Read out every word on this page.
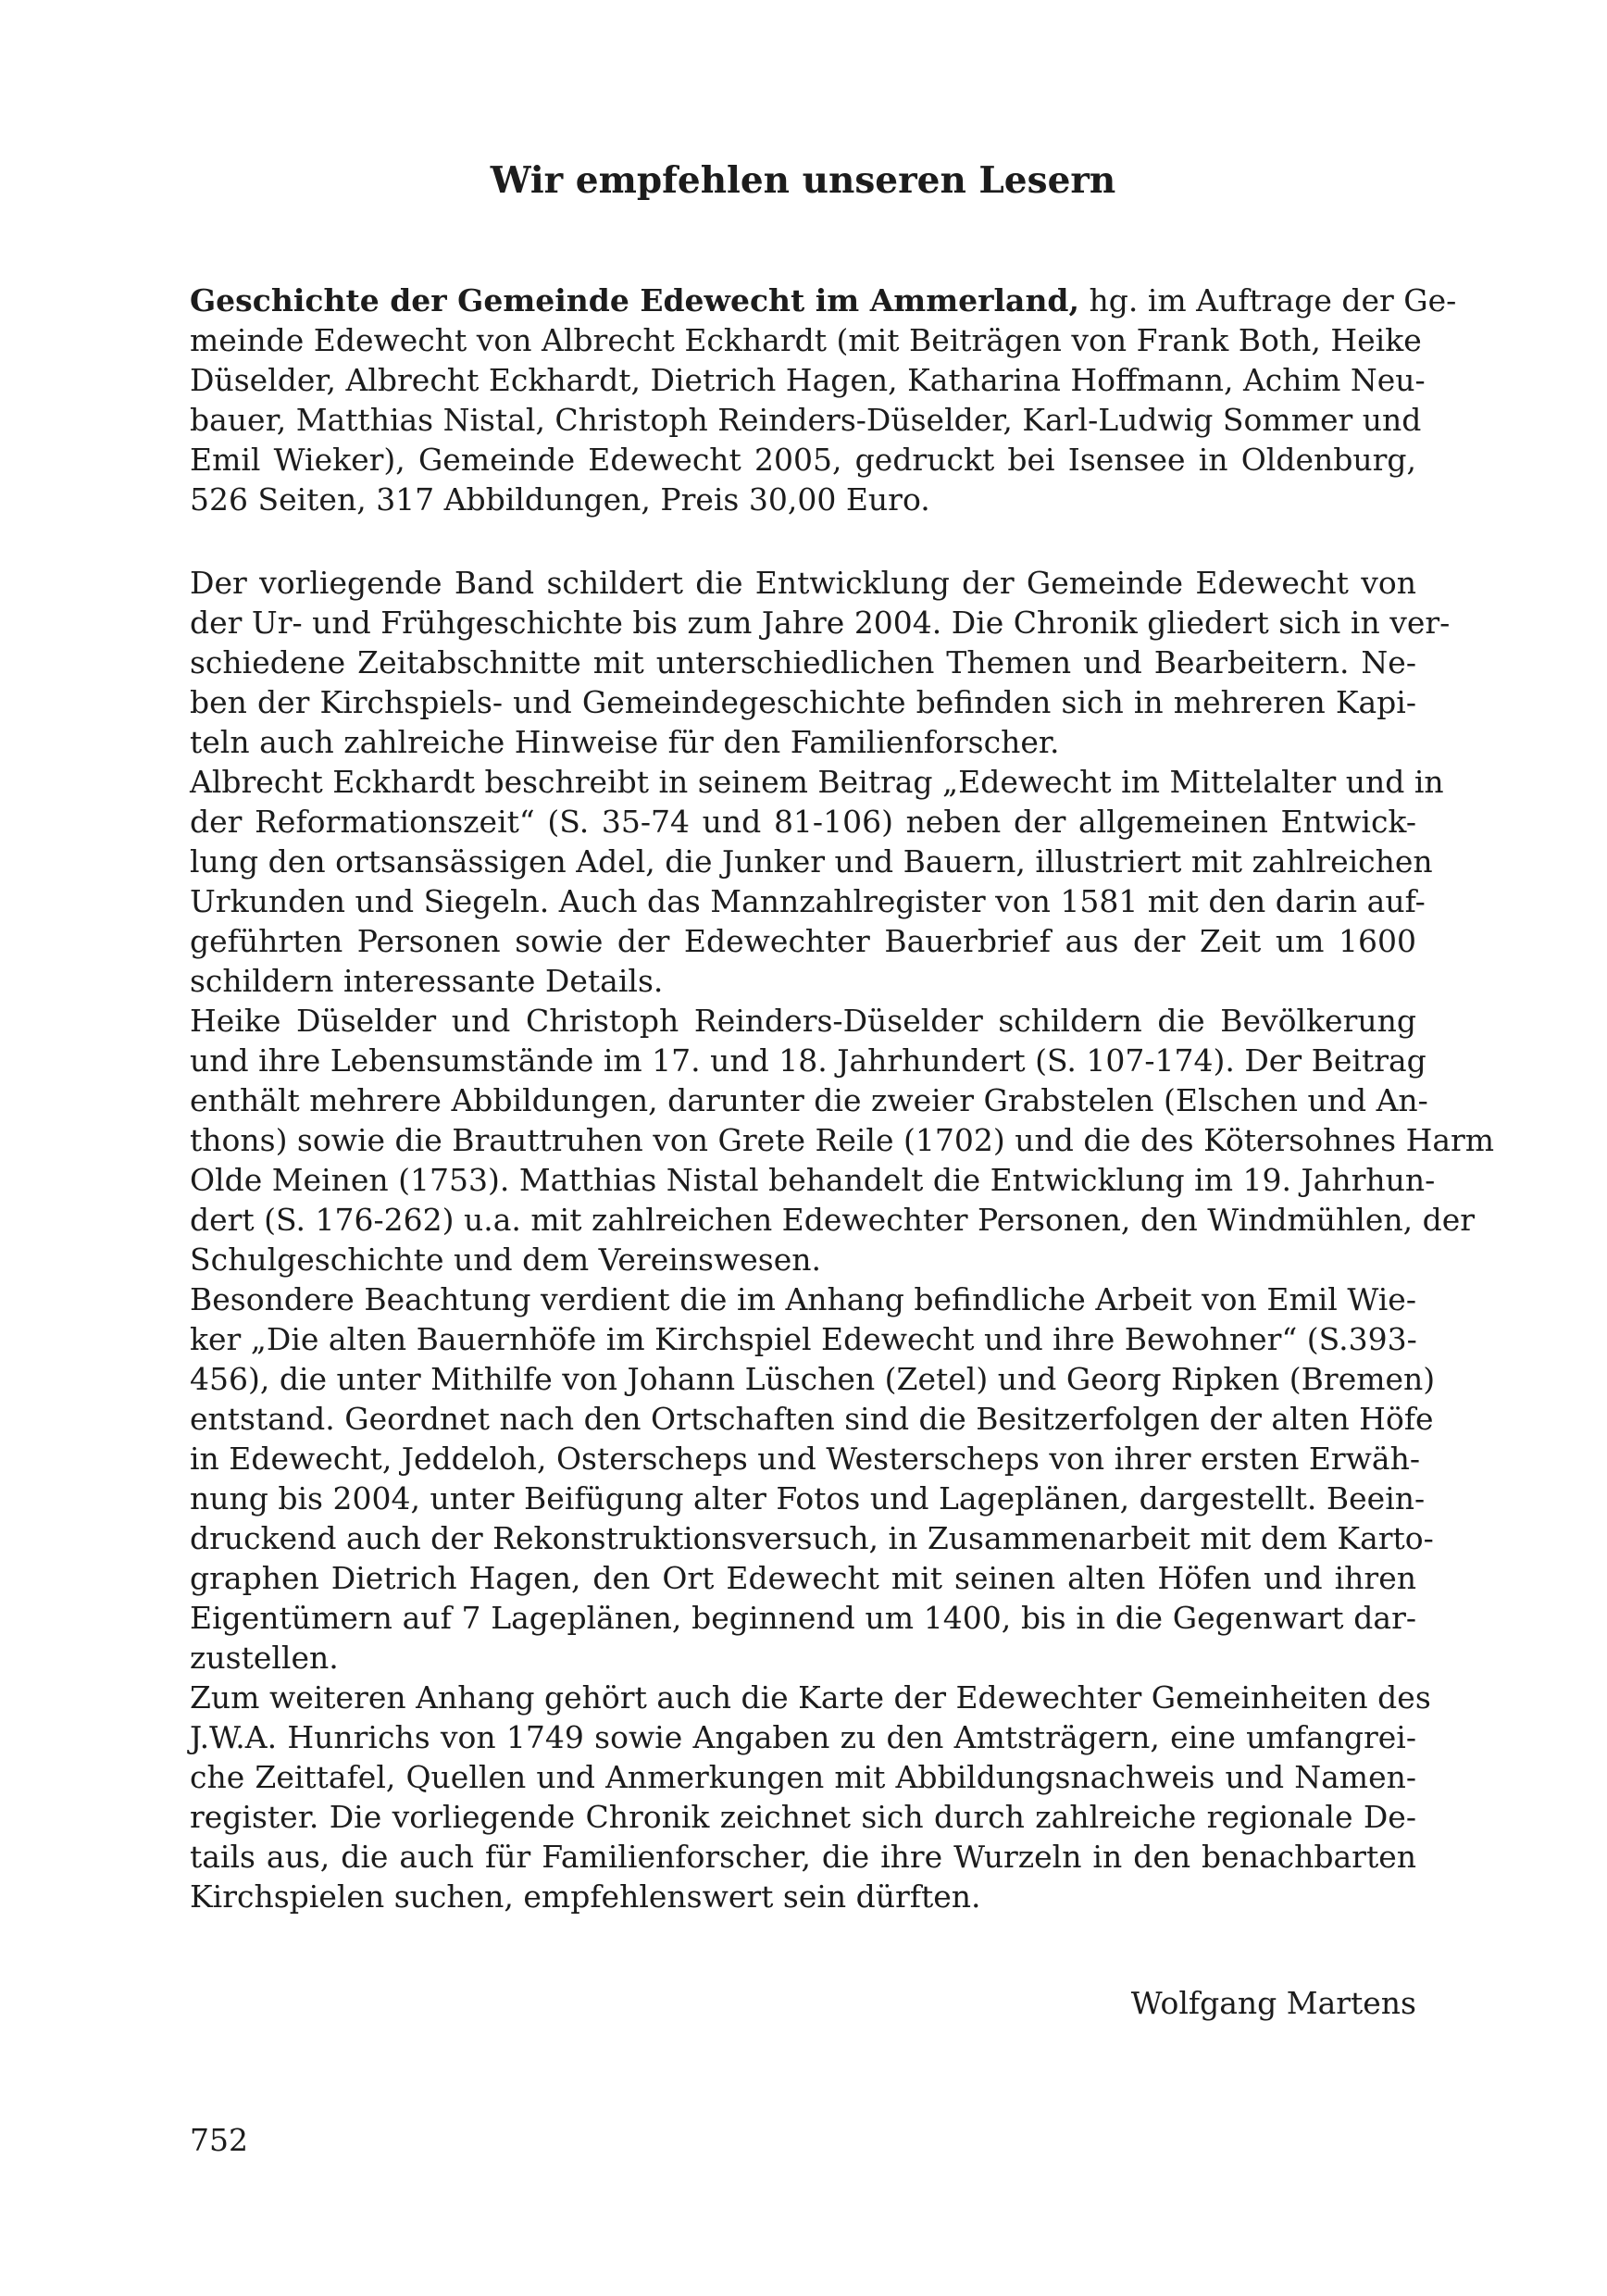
Wir empfehlen unseren Lesern
Geschichte der Gemeinde Edewecht im Ammerland, hg. im Auftrage der Ge-
meinde Edewecht von Albrecht Eckhardt (mit Beiträgen von Frank Both, Heike
Düselder, Albrecht Eckhardt, Dietrich Hagen, Katharina Hoffmann, Achim Neu-
bauer, Matthias Nistal, Christoph Reinders-Düselder, Karl-Ludwig Sommer und
Emil Wieker), Gemeinde Edewecht 2005, gedruckt bei Isensee in Oldenburg,
526 Seiten, 317 Abbildungen, Preis 30,00 Euro.
Der vorliegende Band schildert die Entwicklung der Gemeinde Edewecht von
der Ur- und Frühgeschichte bis zum Jahre 2004. Die Chronik gliedert sich in ver-
schiedene Zeitabschnitte mit unterschiedlichen Themen und Bearbeitern. Ne-
ben der Kirchspiels- und Gemeindegeschichte befinden sich in mehreren Kapi-
teln auch zahlreiche Hinweise für den Familienforscher.
Albrecht Eckhardt beschreibt in seinem Beitrag „Edewecht im Mittelalter und in
der Reformationszeit“ (S. 35-74 und 81-106) neben der allgemeinen Entwick-
lung den ortsansässigen Adel, die Junker und Bauern, illustriert mit zahlreichen
Urkunden und Siegeln. Auch das Mannzahlregister von 1581 mit den darin auf-
geführten Personen sowie der Edewechter Bauerbrief aus der Zeit um 1600
schildern interessante Details.
Heike Düselder und Christoph Reinders-Düselder schildern die Bevölkerung
und ihre Lebensumstände im 17. und 18. Jahrhundert (S. 107-174). Der Beitrag
enthält mehrere Abbildungen, darunter die zweier Grabstelen (Elschen und An-
thons) sowie die Brauttruhen von Grete Reile (1702) und die des Kötersohnes Harm
Olde Meinen (1753). Matthias Nistal behandelt die Entwicklung im 19. Jahrhun-
dert (S. 176-262) u.a. mit zahlreichen Edewechter Personen, den Windmühlen, der
Schulgeschichte und dem Vereinswesen.
Besondere Beachtung verdient die im Anhang befindliche Arbeit von Emil Wie-
ker „Die alten Bauernhöfe im Kirchspiel Edewecht und ihre Bewohner“ (S.393-
456), die unter Mithilfe von Johann Lüschen (Zetel) und Georg Ripken (Bremen)
entstand. Geordnet nach den Ortschaften sind die Besitzerfolgen der alten Höfe
in Edewecht, Jeddeloh, Osterscheps und Westerscheps von ihrer ersten Erwäh-
nung bis 2004, unter Beifügung alter Fotos und Lageplänen, dargestellt. Beein-
druckend auch der Rekonstruktionsversuch, in Zusammenarbeit mit dem Karto-
graphen Dietrich Hagen, den Ort Edewecht mit seinen alten Höfen und ihren
Eigentümern auf 7 Lageplänen, beginnend um 1400, bis in die Gegenwart dar-
zustellen.
Zum weiteren Anhang gehört auch die Karte der Edewechter Gemeinheiten des
J.W.A. Hunrichs von 1749 sowie Angaben zu den Amtsträgern, eine umfangrei-
che Zeittafel, Quellen und Anmerkungen mit Abbildungsnachweis und Namen-
register. Die vorliegende Chronik zeichnet sich durch zahlreiche regionale De-
tails aus, die auch für Familienforscher, die ihre Wurzeln in den benachbarten
Kirchspielen suchen, empfehlenswert sein dürften.

Wolfgang Martens

752
